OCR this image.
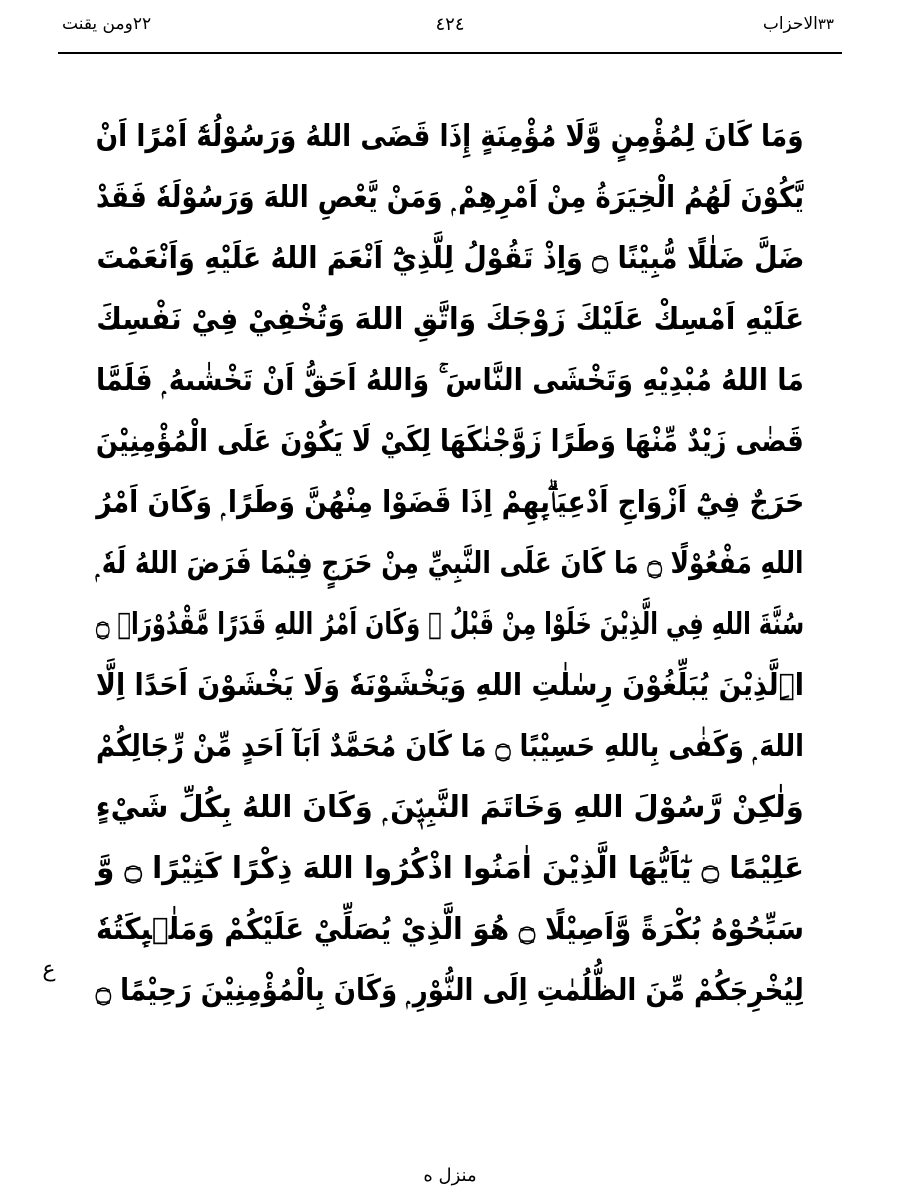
٣٣الاحزاب
٤٢٤
٢٢ومن يقنت
وَمَا كَانَ لِمُؤْمِنٍ وَّلَا مُؤْمِنَةٍ إِذَا قَضَى اللهُ وَرَسُوْلُهٗٓ اَمْرًا اَنْ
يَّكُوْنَ لَهُمُ الْخِيَرَةُ مِنْ اَمْرِهِمْ ۭ وَمَنْ يَّعْصِ اللهَ وَرَسُوْلَهٗ فَقَدْ
ضَلَّ ضَلٰلًا مُّبِيْنًا ۝ وَاِذْ تَقُوْلُ لِلَّذِيْٓ اَنْعَمَ اللهُ عَلَيْهِ وَاَنْعَمْتَ
عَلَيْهِ اَمْسِكْ عَلَيْكَ زَوْجَكَ وَاتَّقِ اللهَ وَتُخْفِيْ فِيْ نَفْسِكَ
مَا اللهُ مُبْدِيْهِ وَتَخْشَى النَّاسَ ۚ وَاللهُ اَحَقُّ اَنْ تَخْشٰىهُ ۭ فَلَمَّا
قَضٰى زَيْدٌ مِّنْهَا وَطَرًا زَوَّجْنٰكَهَا لِكَيْ لَا يَكُوْنَ عَلَى الْمُؤْمِنِيْنَ
حَرَجٌ فِيْٓ اَزْوَاجِ اَدْعِيَاۗىِٕهِمْ اِذَا قَضَوْا مِنْهُنَّ وَطَرًا ۭ وَكَانَ اَمْرُ
اللهِ مَفْعُوْلًا ۝ مَا كَانَ عَلَى النَّبِيِّ مِنْ حَرَجٍ فِيْمَا فَرَضَ اللهُ لَهٗ ۭ
سُنَّةَ اللهِ فِي الَّذِيْنَ خَلَوْا مِنْ قَبْلُ ۭ وَكَانَ اَمْرُ اللهِ قَدَرًا مَّقْدُوْرَاۨ ۝
اِۨلَّذِيْنَ يُبَلِّغُوْنَ رِسٰلٰتِ اللهِ وَيَخْشَوْنَهٗ وَلَا يَخْشَوْنَ اَحَدًا اِلَّا
اللهَ ۭ وَكَفٰى بِاللهِ حَسِيْبًا ۝ مَا كَانَ مُحَمَّدٌ اَبَآ اَحَدٍ مِّنْ رِّجَالِكُمْ
وَلٰكِنْ رَّسُوْلَ اللهِ وَخَاتَمَ النَّبِيّٖنَ ۭ وَكَانَ اللهُ بِكُلِّ شَيْءٍ
عَلِيْمًا ۝ يٰٓاَيُّهَا الَّذِيْنَ اٰمَنُوا اذْكُرُوا اللهَ ذِكْرًا كَثِيْرًا ۝ وَّ
سَبِّحُوْهُ بُكْرَةً وَّاَصِيْلًا ۝ هُوَ الَّذِيْ يُصَلِّيْ عَلَيْكُمْ وَمَلٰۗىِٕكَتُهٗ
لِيُخْرِجَكُمْ مِّنَ الظُّلُمٰتِ اِلَى النُّوْرِ ۭ وَكَانَ بِالْمُؤْمِنِيْنَ رَحِيْمًا ۝
ع
منزل ه
